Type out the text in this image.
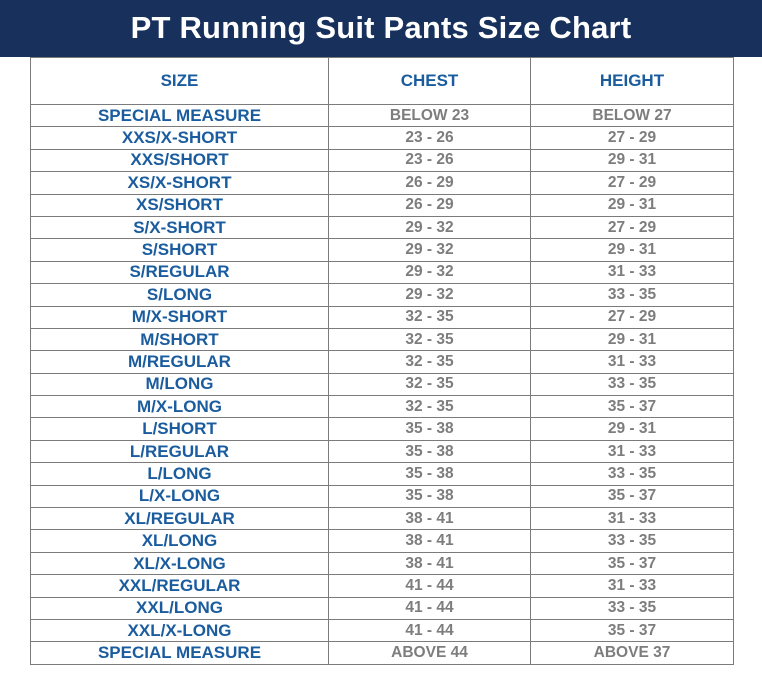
PT Running Suit Pants Size Chart
SIZE	CHEST	HEIGHT
SPECIAL MEASURE	BELOW 23	BELOW 27
XXS/X-SHORT	23 - 26	27 - 29
XXS/SHORT	23 - 26	29 - 31
XS/X-SHORT	26 - 29	27 - 29
XS/SHORT	26 - 29	29 - 31
S/X-SHORT	29 - 32	27 - 29
S/SHORT	29 - 32	29 - 31
S/REGULAR	29 - 32	31 - 33
S/LONG	29 - 32	33 - 35
M/X-SHORT	32 - 35	27 - 29
M/SHORT	32 - 35	29 - 31
M/REGULAR	32 - 35	31 - 33
M/LONG	32 - 35	33 - 35
M/X-LONG	32 - 35	35 - 37
L/SHORT	35 - 38	29 - 31
L/REGULAR	35 - 38	31 - 33
L/LONG	35 - 38	33 - 35
L/X-LONG	35 - 38	35 - 37
XL/REGULAR	38 - 41	31 - 33
XL/LONG	38 - 41	33 - 35
XL/X-LONG	38 - 41	35 - 37
XXL/REGULAR	41 - 44	31 - 33
XXL/LONG	41 - 44	33 - 35
XXL/X-LONG	41 - 44	35 - 37
SPECIAL MEASURE	ABOVE 44	ABOVE 37
